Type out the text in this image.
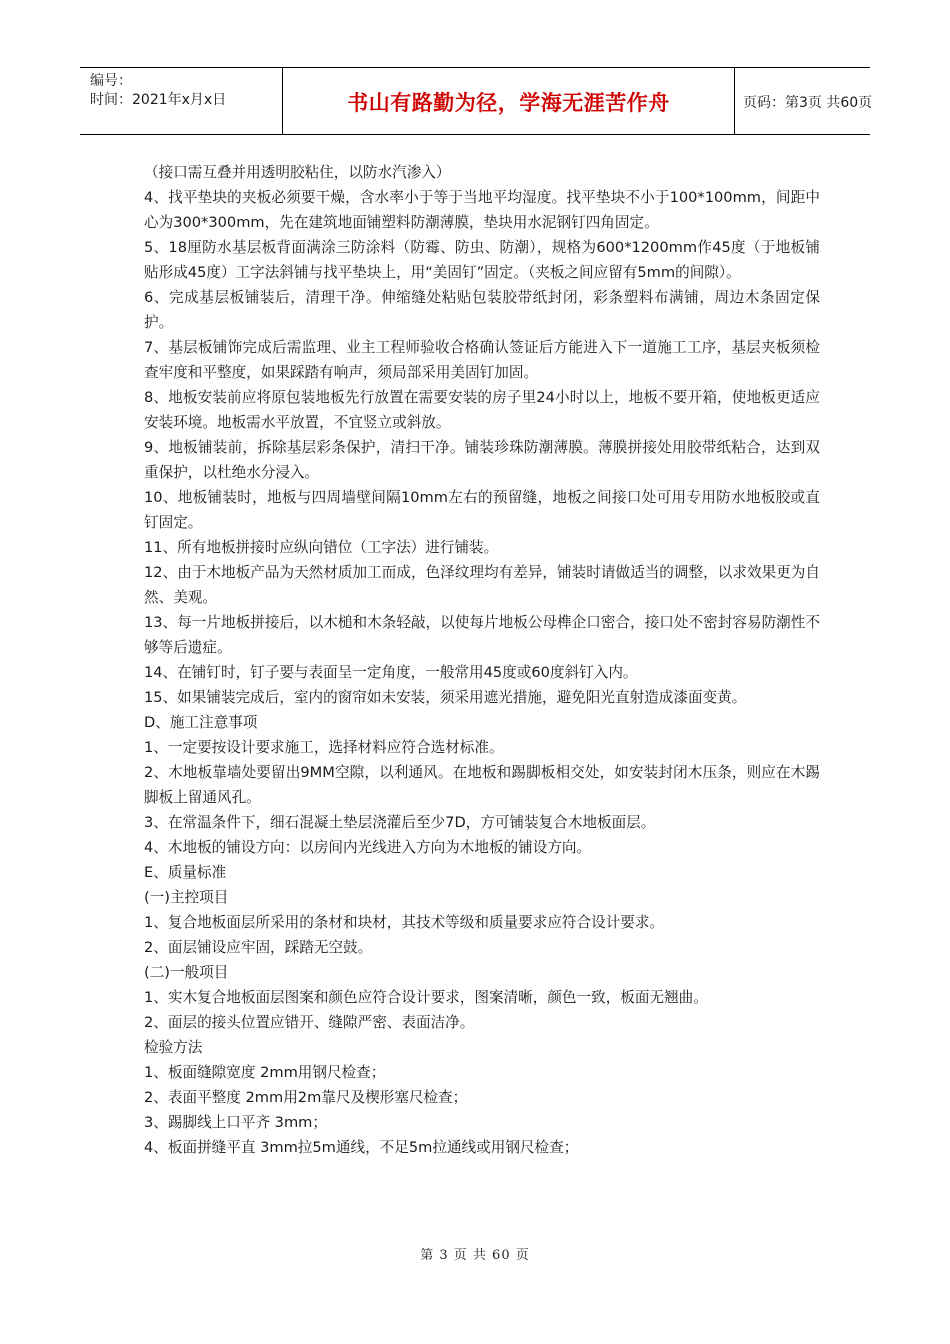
编号：
时间：2021年x月x日	书山有路勤为径，学海无涯苦作舟	页码：第3页 共60页

（接口需互叠并用透明胶粘住，以防水汽渗入）

4、找平垫块的夹板必须要干燥，含水率小于等于当地平均湿度。找平垫块不小于100*100mm，间距中心为300*300mm，先在建筑地面铺塑料防潮薄膜，垫块用水泥钢钉四角固定。

5、18厘防水基层板背面满涂三防涂料（防霉、防虫、防潮），规格为600*1200mm作45度（于地板铺贴形成45度）工字法斜铺与找平垫块上，用“美固钉”固定。（夹板之间应留有5mm的间隙）。

6、完成基层板铺装后，清理干净。伸缩缝处粘贴包装胶带纸封闭，彩条塑料布满铺，周边木条固定保护。

7、基层板铺饰完成后需监理、业主工程师验收合格确认签证后方能进入下一道施工工序，基层夹板须检查牢度和平整度，如果踩踏有响声，须局部采用美固钉加固。

8、地板安装前应将原包装地板先行放置在需要安装的房子里24小时以上，地板不要开箱，使地板更适应安装环境。地板需水平放置，不宜竖立或斜放。

9、地板铺装前，拆除基层彩条保护，清扫干净。铺装珍珠防潮薄膜。薄膜拼接处用胶带纸粘合，达到双重保护，以杜绝水分浸入。

10、地板铺装时，地板与四周墙壁间隔10mm左右的预留缝，地板之间接口处可用专用防水地板胶或直钉固定。

11、所有地板拼接时应纵向错位（工字法）进行铺装。

12、由于木地板产品为天然材质加工而成，色泽纹理均有差异，铺装时请做适当的调整，以求效果更为自然、美观。

13、每一片地板拼接后，以木槌和木条轻敲，以使每片地板公母榫企口密合，接口处不密封容易防潮性不够等后遗症。

14、在铺钉时，钉子要与表面呈一定角度，一般常用45度或60度斜钉入内。

15、如果铺装完成后，室内的窗帘如未安装，须采用遮光措施，避免阳光直射造成漆面变黄。

D、施工注意事项

1、一定要按设计要求施工，选择材料应符合选材标准。

2、木地板靠墙处要留出9MM空隙，以利通风。在地板和踢脚板相交处，如安装封闭木压条，则应在木踢脚板上留通风孔。

3、在常温条件下，细石混凝土垫层浇灌后至少7D，方可铺装复合木地板面层。

4、木地板的铺设方向：以房间内光线进入方向为木地板的铺设方向。

E、质量标准

(一)主控项目

1、复合地板面层所采用的条材和块材，其技术等级和质量要求应符合设计要求。

2、面层铺设应牢固，踩踏无空鼓。

(二)一般项目

1、实木复合地板面层图案和颜色应符合设计要求，图案清晰，颜色一致，板面无翘曲。

2、面层的接头位置应错开、缝隙严密、表面洁净。

检验方法

1、板面缝隙宽度 2mm用钢尺检查；

2、表面平整度 2mm用2m靠尺及楔形塞尺检查；

3、踢脚线上口平齐 3mm；

4、板面拼缝平直 3mm拉5m通线，不足5m拉通线或用钢尺检查；

第 3 页 共 60 页
